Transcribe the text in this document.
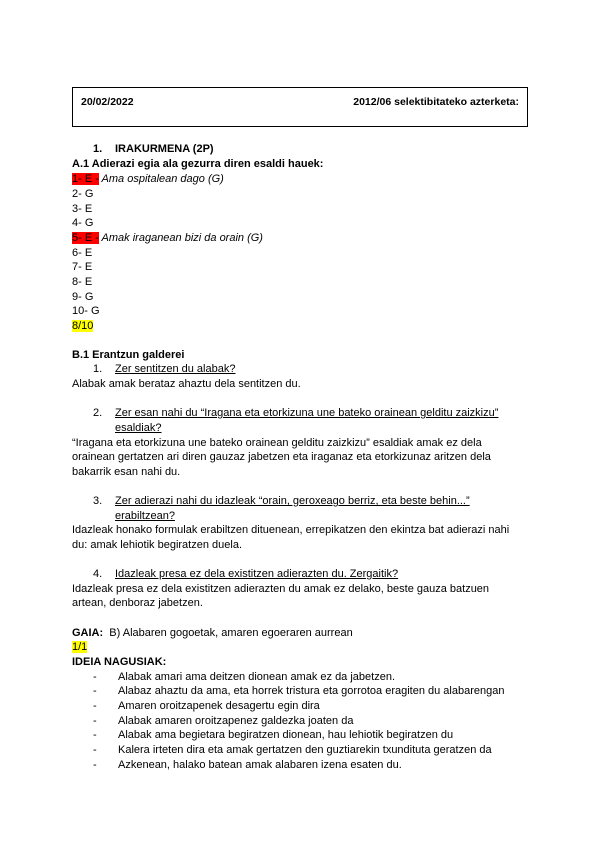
20/02/2022	2012/06 selektibitateko azterketa:
1. IRAKURMENA (2P)
A.1 Adierazi egia ala gezurra diren esaldi hauek:
1- E - Ama ospitalean dago (G)
2- G
3- E
4- G
5- E - Amak iraganean bizi da orain (G)
6- E
7- E
8- E
9- G
10- G
8/10
B.1 Erantzun galderei
1. Zer sentitzen du alabak?
Alabak amak berataz ahaztu dela sentitzen du.
2. Zer esan nahi du “Iragana eta etorkizuna une bateko orainean gelditu zaizkizu”
esaldiak?
“Iragana eta etorkizuna une bateko orainean gelditu zaizkizu” esaldiak amak ez dela
orainean gertatzen ari diren gauzaz jabetzen eta iraganaz eta etorkizunaz aritzen dela
bakarrik esan nahi du.
3. Zer adierazi nahi du idazleak “orain, geroxeago berriz, eta beste behin...”
erabiltzean?
Idazleak honako formulak erabiltzen dituenean, errepikatzen den ekintza bat adierazi nahi
du: amak lehiotik begiratzen duela.
4. Idazleak presa ez dela existitzen adierazten du. Zergaitik?
Idazleak presa ez dela existitzen adierazten du amak ez delako, beste gauza batzuen
artean, denboraz jabetzen.
GAIA: B) Alabaren gogoetak, amaren egoeraren aurrean
1/1
IDEIA NAGUSIAK:
- Alabak amari ama deitzen dionean amak ez da jabetzen.
- Alabaz ahaztu da ama, eta horrek tristura eta gorrotoa eragiten du alabarengan
- Amaren oroitzapenek desagertu egin dira
- Alabak amaren oroitzapenez galdezka joaten da
- Alabak ama begietara begiratzen dionean, hau lehiotik begiratzen du
- Kalera irteten dira eta amak gertatzen den guztiarekin txundituta geratzen da
- Azkenean, halako batean amak alabaren izena esaten du.
